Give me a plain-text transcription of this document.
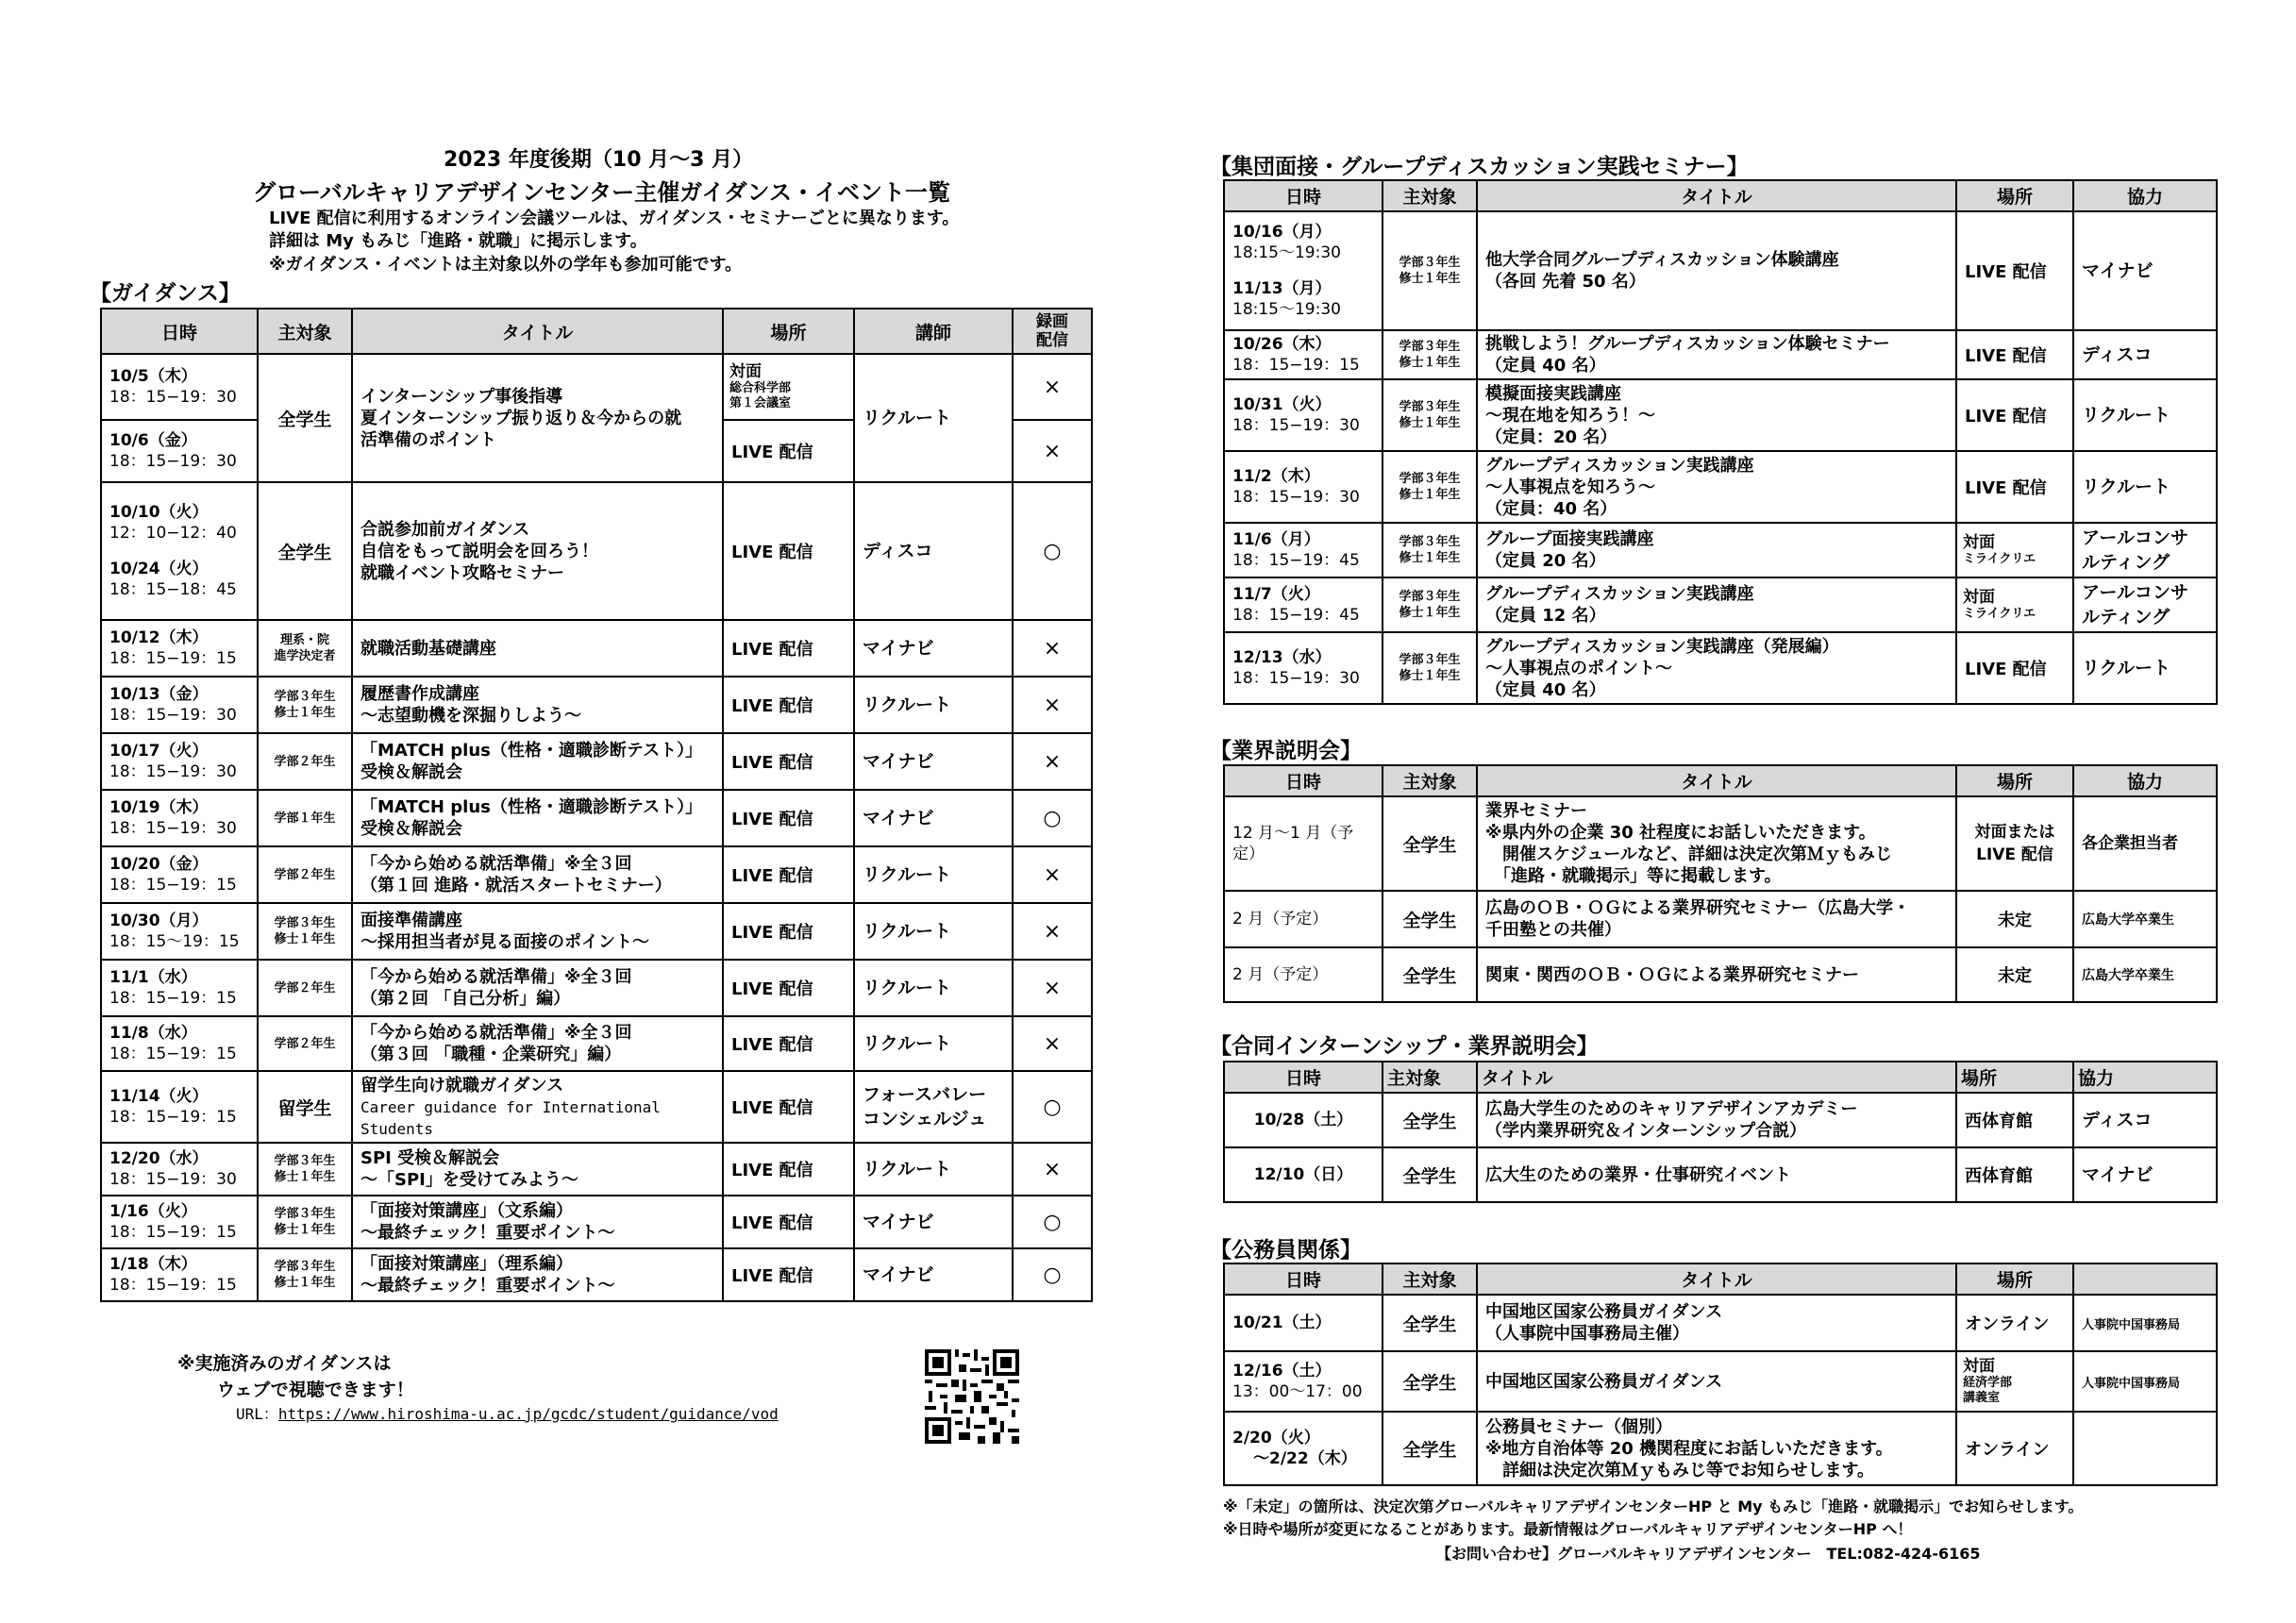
2023 年度後期（10 月〜3 月）
グローバルキャリアデザインセンター主催ガイダンス・イベント一覧
LIVE 配信に利用するオンライン会議ツールは、ガイダンス・セミナーごとに異なります。
詳細は My もみじ「進路・就職」に掲示します。
※ガイダンス・イベントは主対象以外の学年も参加可能です。
【ガイダンス】
日時	主対象	タイトル	場所	講師	録画
配信

10/5（木）
18：15−19：30	全学生	インターンシップ事後指導
夏インターンシップ振り返り＆今からの就
活準備のポイント	対面
総合科学部
第１会議室	リクルート	×

10/6（金）
18：15−19：30			LIVE 配信		×

10/10（火）
12：10−12：40
10/24（火）
18：15−18：45	全学生	合説参加前ガイダンス
自信をもって説明会を回ろう！
就職イベント攻略セミナー	LIVE 配信	ディスコ	○

10/12（木）
18：15−19：15	理系・院
進学決定者	就職活動基礎講座	LIVE 配信	マイナビ	×

10/13（金）
18：15−19：30	学部３年生
修士１年生	履歴書作成講座
〜志望動機を深掘りしよう〜	LIVE 配信	リクルート	×

10/17（火）
18：15−19：30	学部２年生	「MATCH plus（性格・適職診断テスト）」
受検＆解説会	LIVE 配信	マイナビ	×

10/19（木）
18：15−19：30	学部１年生	「MATCH plus（性格・適職診断テスト）」
受検＆解説会	LIVE 配信	マイナビ	○

10/20（金）
18：15−19：15	学部２年生	「今から始める就活準備」※全３回
（第１回 進路・就活スタートセミナー）	LIVE 配信	リクルート	×

10/30（月）
18：15〜19：15	学部３年生
修士１年生	面接準備講座
〜採用担当者が見る面接のポイント〜	LIVE 配信	リクルート	×

11/1（水）
18：15−19：15	学部２年生	「今から始める就活準備」※全３回
（第２回 「自己分析」編）	LIVE 配信	リクルート	×

11/8（水）
18：15−19：15	学部２年生	「今から始める就活準備」※全３回
（第３回 「職種・企業研究」編）	LIVE 配信	リクルート	×

11/14（火）
18：15−19：15	留学生	留学生向け就職ガイダンス
Career guidance for International
Students	LIVE 配信	フォースバレー
コンシェルジュ	○

12/20（水）
18：15−19：30	学部３年生
修士１年生	SPI 受検＆解説会
〜「SPI」を受けてみよう〜	LIVE 配信	リクルート	×

1/16（火）
18：15−19：15	学部３年生
修士１年生	「面接対策講座」（文系編）
〜最終チェック！重要ポイント〜	LIVE 配信	マイナビ	○

1/18（木）
18：15−19：15	学部３年生
修士１年生	「面接対策講座」（理系編）
〜最終チェック！重要ポイント〜	LIVE 配信	マイナビ	○
※実施済みのガイダンスは
ウェブで視聴できます！
URL：https://www.hiroshima-u.ac.jp/gcdc/student/guidance/vod
【集団面接・グループディスカッション実践セミナー】
日時	主対象	タイトル	場所	協力

10/16（月）
18:15〜19:30
11/13（月）
18:15〜19:30	学部３年生
修士１年生	他大学合同グループディスカッション体験講座
（各回 先着 50 名）	LIVE 配信	マイナビ

10/26（木）
18：15−19：15	学部３年生
修士１年生	挑戦しよう！グループディスカッション体験セミナー
（定員 40 名）	LIVE 配信	ディスコ

10/31（火）
18：15−19：30	学部３年生
修士１年生	模擬面接実践講座
〜現在地を知ろう！〜
（定員：20 名）	LIVE 配信	リクルート

11/2（木）
18：15−19：30	学部３年生
修士１年生	グループディスカッション実践講座
〜人事視点を知ろう〜
（定員：40 名）	LIVE 配信	リクルート

11/6（月）
18：15−19：45	学部３年生
修士１年生	グループ面接実践講座
（定員 20 名）	対面
ミライクリエ	アールコンサ
ルティング

11/7（火）
18：15−19：45	学部３年生
修士１年生	グループディスカッション実践講座
（定員 12 名）	対面
ミライクリエ	アールコンサ
ルティング

12/13（水）
18：15−19：30	学部３年生
修士１年生	グループディスカッション実践講座（発展編）
〜人事視点のポイント〜
（定員 40 名）	LIVE 配信	リクルート
【業界説明会】
日時	主対象	タイトル	場所	協力

12 月〜1 月（予定）	全学生	業界セミナー
※県内外の企業 30 社程度にお話しいただきます。
　開催スケジュールなど、詳細は決定次第Ｍｙもみじ
　「進路・就職掲示」等に掲載します。	対面または
LIVE 配信	各企業担当者

2 月（予定）	全学生	広島のＯＢ・ＯＧによる業界研究セミナー（広島大学・
千田塾との共催）	未定	広島大学卒業生

2 月（予定）	全学生	関東・関西のＯＢ・ＯＧによる業界研究セミナー	未定	広島大学卒業生
【合同インターンシップ・業界説明会】
日時	主対象	タイトル	場所	協力

10/28（土）	全学生	広島大学生のためのキャリアデザインアカデミー
（学内業界研究＆インターンシップ合説）	西体育館	ディスコ

12/10（日）	全学生	広大生のための業界・仕事研究イベント	西体育館	マイナビ
【公務員関係】
日時	主対象	タイトル	場所	

10/21（土）	全学生	中国地区国家公務員ガイダンス
（人事院中国事務局主催）	オンライン	人事院中国事務局

12/16（土）
13：00〜17：00	全学生	中国地区国家公務員ガイダンス	対面
経済学部
講義室	人事院中国事務局

2/20（火）
〜2/22（木）	全学生	公務員セミナー（個別）
※地方自治体等 20 機関程度にお話しいただきます。
　詳細は決定次第Ｍｙもみじ等でお知らせします。	オンライン	
※「未定」の箇所は、決定次第グローバルキャリアデザインセンターHP と My もみじ「進路・就職掲示」でお知らせします。
※日時や場所が変更になることがあります。最新情報はグローバルキャリアデザインセンターHP へ！
【お問い合わせ】グローバルキャリアデザインセンター　TEL:082-424-6165
